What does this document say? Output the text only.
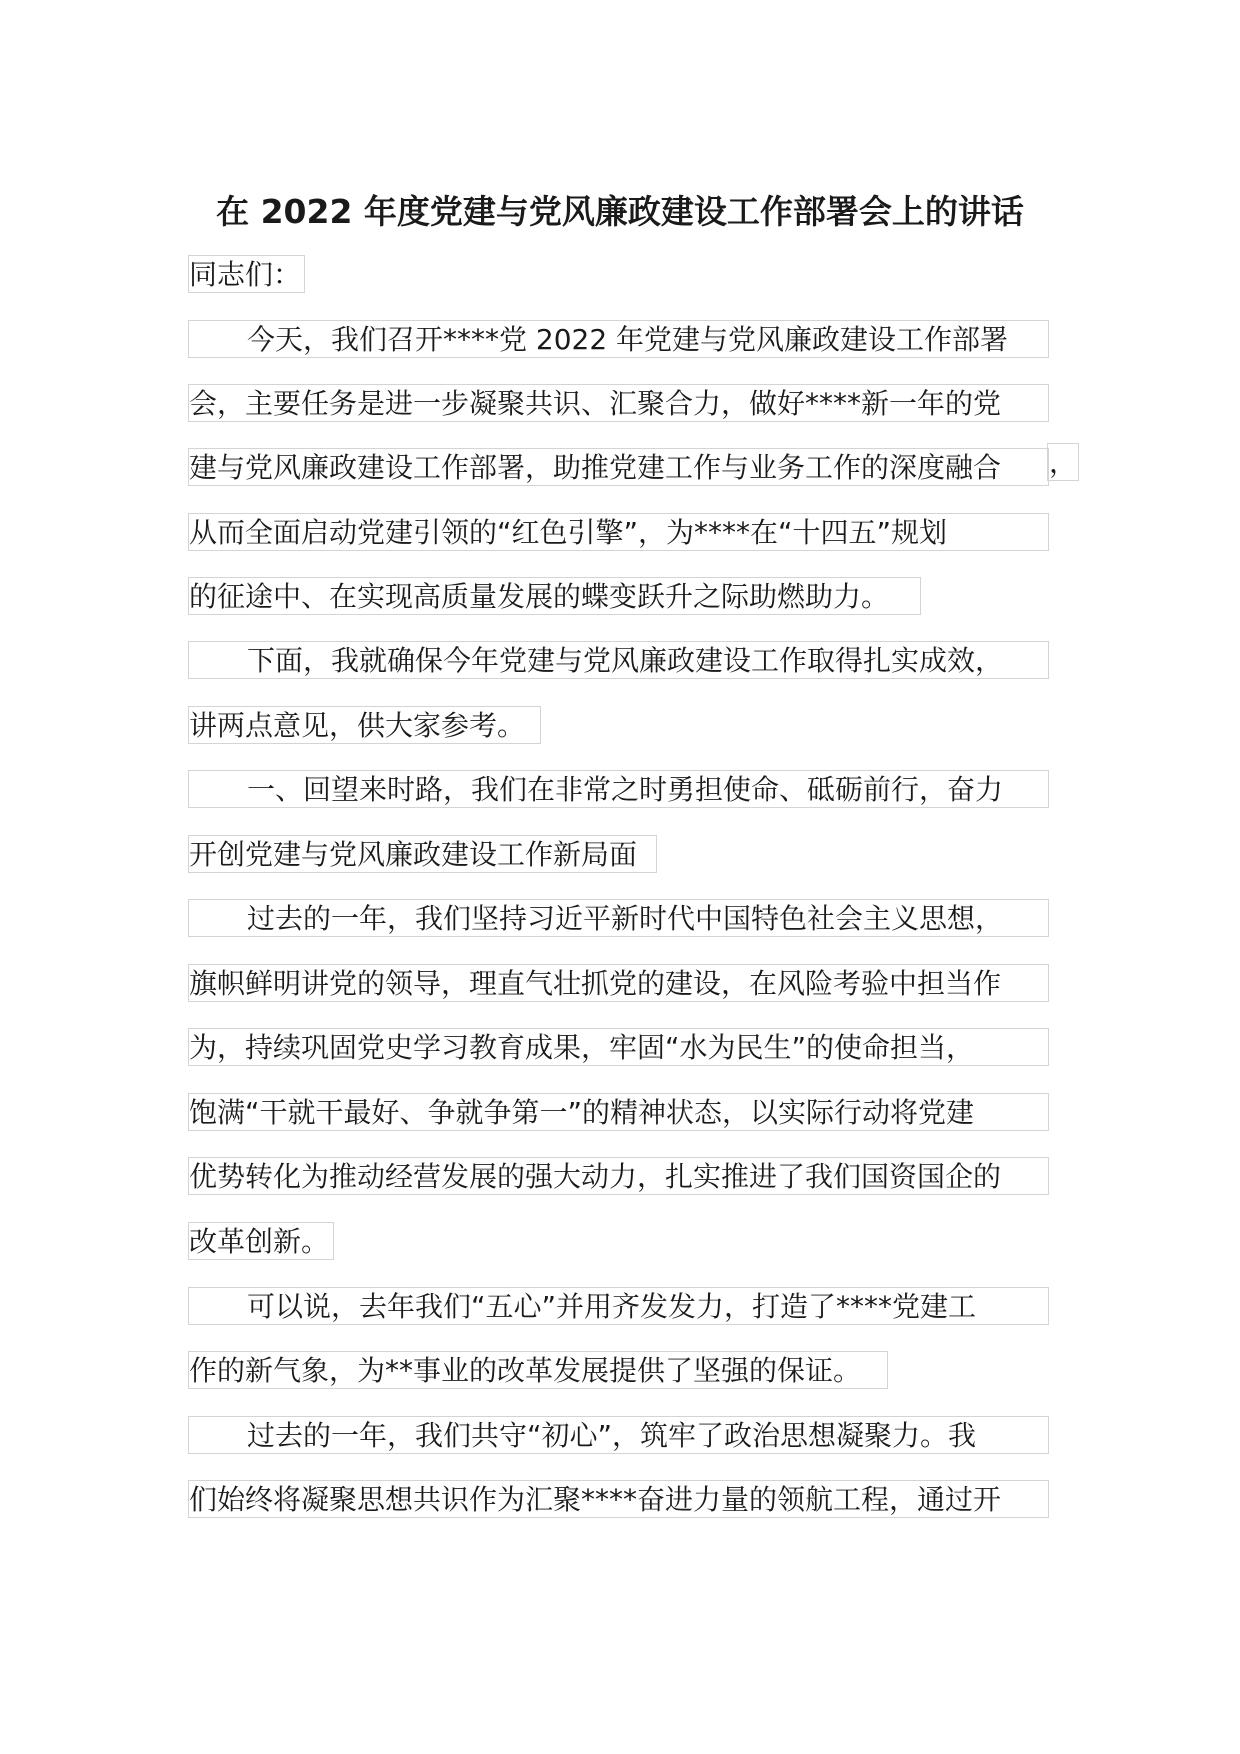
在 2022 年度党建与党风廉政建设工作部署会上的讲话
同志们：
今天，我们召开****党 2022 年党建与党风廉政建设工作部署
会，主要任务是进一步凝聚共识、汇聚合力，做好****新一年的党
建与党风廉政建设工作部署，助推党建工作与业务工作的深度融合	，
从而全面启动党建引领的“红色引擎”，为****在“十四五”规划
的征途中、在实现高质量发展的蝶变跃升之际助燃助力。
下面，我就确保今年党建与党风廉政建设工作取得扎实成效，
讲两点意见，供大家参考。
一、回望来时路，我们在非常之时勇担使命、砥砺前行，奋力
开创党建与党风廉政建设工作新局面
过去的一年，我们坚持习近平新时代中国特色社会主义思想，
旗帜鲜明讲党的领导，理直气壮抓党的建设，在风险考验中担当作
为，持续巩固党史学习教育成果，牢固“水为民生”的使命担当，
饱满“干就干最好、争就争第一”的精神状态，以实际行动将党建
优势转化为推动经营发展的强大动力，扎实推进了我们国资国企的
改革创新。
可以说，去年我们“五心”并用齐发发力，打造了****党建工
作的新气象，为**事业的改革发展提供了坚强的保证。
过去的一年，我们共守“初心”，筑牢了政治思想凝聚力。我
们始终将凝聚思想共识作为汇聚****奋进力量的领航工程，通过开
